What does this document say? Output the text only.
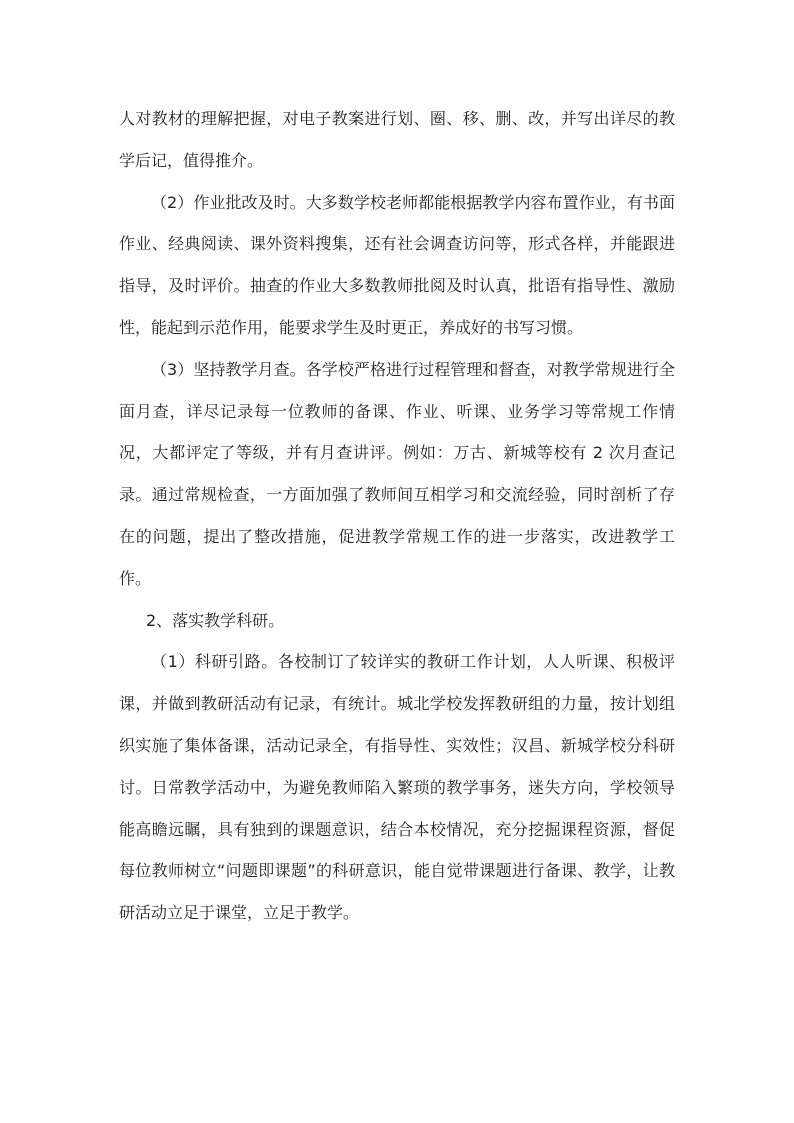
人对教材的理解把握，对电子教案进行划、圈、移、删、改，并写出详尽的教学后记，值得推介。

（2）作业批改及时。大多数学校老师都能根据教学内容布置作业，有书面作业、经典阅读、课外资料搜集，还有社会调查访问等，形式各样，并能跟进指导，及时评价。抽查的作业大多数教师批阅及时认真，批语有指导性、激励性，能起到示范作用，能要求学生及时更正，养成好的书写习惯。

（3）坚持教学月查。各学校严格进行过程管理和督查，对教学常规进行全面月查，详尽记录每一位教师的备课、作业、听课、业务学习等常规工作情况，大都评定了等级，并有月查讲评。例如：万古、新城等校有 2 次月查记录。通过常规检查，一方面加强了教师间互相学习和交流经验，同时剖析了存在的问题，提出了整改措施，促进教学常规工作的进一步落实，改进教学工作。

2、落实教学科研。

（1）科研引路。各校制订了较详实的教研工作计划，人人听课、积极评课，并做到教研活动有记录，有统计。城北学校发挥教研组的力量，按计划组织实施了集体备课，活动记录全，有指导性、实效性；汉昌、新城学校分科研讨。日常教学活动中，为避免教师陷入繁琐的教学事务，迷失方向，学校领导能高瞻远瞩，具有独到的课题意识，结合本校情况，充分挖掘课程资源，督促每位教师树立“问题即课题”的科研意识，能自觉带课题进行备课、教学，让教研活动立足于课堂，立足于教学。
